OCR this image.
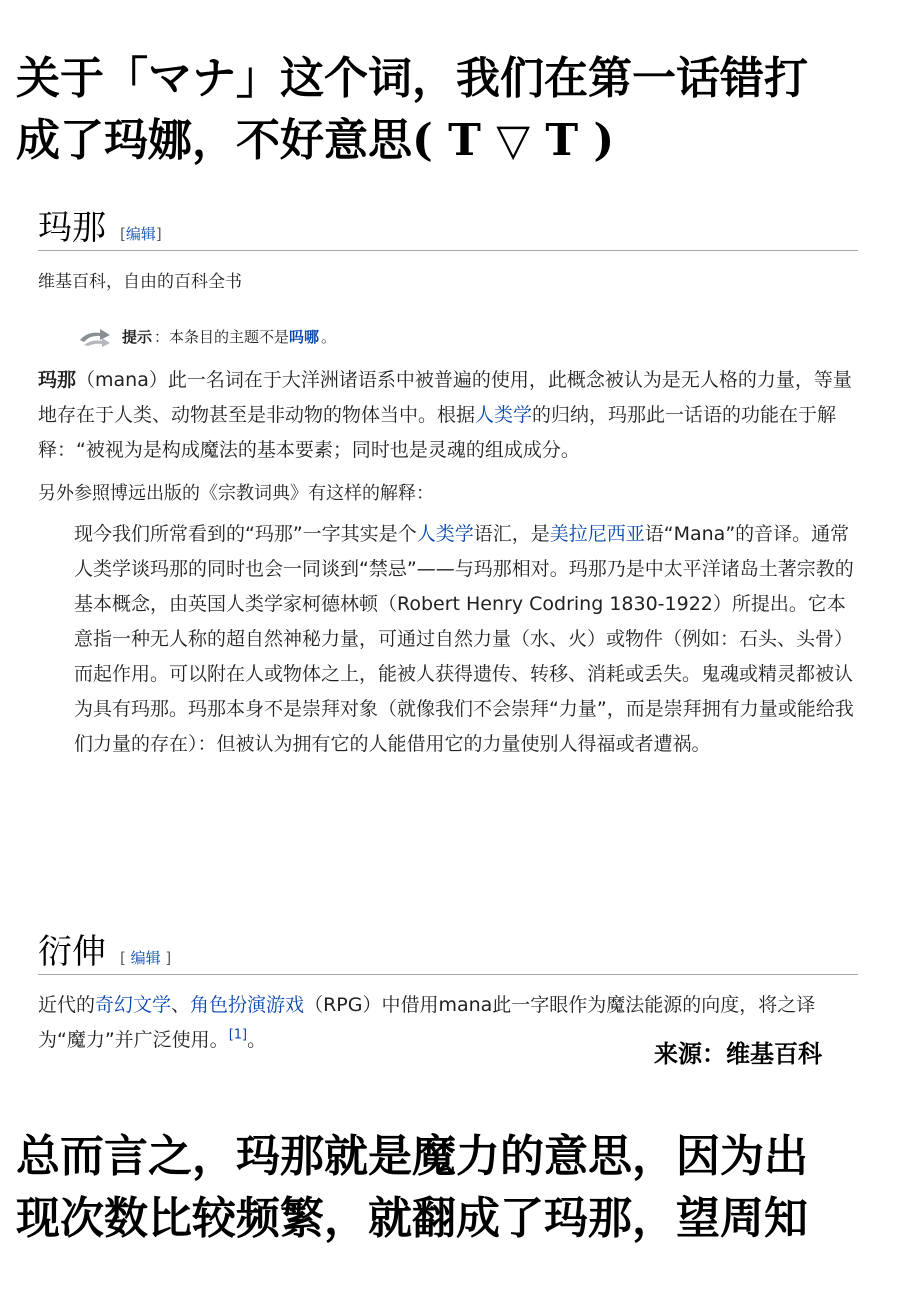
关于「マナ」这个词，我们在第一话错打

成了玛娜，不好意思( T ▽ T )

玛那 [编辑]
维基百科，自由的百科全书
提示 ：本条目的主题不是 吗哪 。

玛那（mana）此一名词在于大洋洲诸语系中被普遍的使用，此概念被认为是无人格的力量，等量地存在于人类、动物甚至是非动物的物体当中。根据人类学的归纳，玛那此一话语的功能在于解释：“被视为是构成魔法的基本要素；同时也是灵魂的组成成分。

另外参照博远出版的《宗教词典》有这样的解释：

现今我们所常看到的“玛那”一字其实是个人类学语汇，是美拉尼西亚语“Mana”的音译。通常人类学谈玛那的同时也会一同谈到“禁忌”——与玛那相对。玛那乃是中太平洋诸岛土著宗教的基本概念，由英国人类学家柯德林顿（Robert Henry Codring 1830-1922）所提出。它本意指一种无人称的超自然神秘力量，可通过自然力量（水、火）或物件（例如：石头、头骨）而起作用。可以附在人或物体之上，能被人获得遗传、转移、消耗或丢失。鬼魂或精灵都被认为具有玛那。玛那本身不是崇拜对象（就像我们不会崇拜“力量”，而是崇拜拥有力量或能给我们力量的存在）：但被认为拥有它的人能借用它的力量使别人得福或者遭祸。

衍伸 [ 编辑 ]

近代的奇幻文学、角色扮演游戏（RPG）中借用mana此一字眼作为魔法能源的向度，将之译为“魔力”并广泛使用。[1]。	来源：维基百科

总而言之，玛那就是魔力的意思，因为出

现次数比较频繁，就翻成了玛那，望周知
